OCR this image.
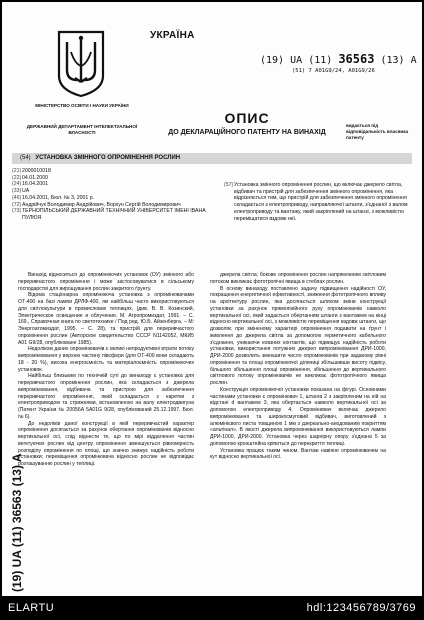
МІНІСТЕРСТВО ОСВІТИ І НАУКИ УКРАЇНИ
ДЕРЖАВНИЙ ДЕПАРТАМЕНТ ІНТЕЛЕКТУАЛЬНОЇ ВЛАСНОСТІ
УКРАЇНА
(19) UA (11) 36563 (13) A
(51) 7 A01G9/24, A01G9/26
ОПИС
ДО ДЕКЛАРАЦІЙНОГО ПАТЕНТУ НА ВИНАХІД
видається під відповідальність власника патенту
(54) УСТАНОВКА ЗМІННОГО ОПРОМІНЕННЯ РОСЛИН
(21) 2000010018
(22) 04.01.2000
(24) 16.04.2001
(33) UA
(46) 16.04.2001, Бюл. № 3, 2001 р.
(72) Андрійчук Володимир Андрійович, Ворхун Сергій Володимирович
(73) ТЕРНОПІЛЬСЬКИЙ ДЕРЖАВНИЙ ТЕХНІЧНИЙ УНІВЕРСИТЕТ ІМЕНІ ІВАНА ПУЛЮЯ
(57) Установка змінного опромінення рослин, що включає джерело світла, відбивач та пристрій для забезпечення змінного опромінення, яка відрізняється тим, що пристрій для забезпечення змінного опромінення складається з електроприводу, направляючої штанги, з'єднаної з валом електроприводу та вантажу, який закріплений на штанзі, з можливістю переміщатися вздовж неї.

Винахід відноситься до опромінюючих установок (ОУ) змінного або переривчастого опромінення і може застосовуватися в сільському господарстві для вирощування рослин закритого ґрунту.

Відома стаціонарна опромінююча установка з опромінювачами ОТ-400 на базі лампи ДРЛФ-400, які найбільш часто використовуються для світлокультури в промислових теплицях, (див. В. В. Козинский, Электрическое освещение и облучение. М. Агропромиздат, 1991. – С. 169., Справочная книга по светотехнике / Под ред. Ю.Б. Айзенберга. – М: Энергоатомиздат, 1995. – С. 28), та пристрій для переривчастого опромінення рослин (Авторское свидетельство СССР N1142052, МКИ5 А01 G9/28, опубліковане 1985).

Недоліком даних опромінювачів є великі непродуктивні втрати потоку випромінювання у верхню частину півсфери (для ОТ-400 вони складають 18 - 20 %), висока енергоємність та матеріалоємність опромінюючих установок.

Найбільш близьким по технічній суті до винаходу є установка для переривчастого опромінення рослин, яка складається з джерела випромінювання, відбивача та пристрою для забезпечення переривчастого опромінення, який складається з каретки з електроприводом та стрижнями, встановленою на валу електродвигуна (Патент України № 20056А 5А01G 9/28, опублікований 25.12.1997. Бюл. № 6).

До недоліків даної конструкції в якій переривчастий характер опромінення досягається за рахунок обертання опромінювачів відносно вертикальної осі, слід віднести те, що по мірі віддалення частин вегетуючих рослин від центру опромінення зменшується рівномірність розподілу опромінення по площі, що значно знижує надійність роботи установки; переміщення опромінювача відносно рослин не відповідає розташуванню рослин у теплиці.

джерела світла; бокове опромінення рослин напрямленим світловим потоком викликає фототропічні явища в стеблах рослин.

В основу винаходу поставлено задачу підвищення надійності ОУ, покращення енергетичної ефективності, зниження фототропічного впливу на архітектуру рослин, яка досягається шляхом зміни конструкції установки за рахунок прямолінійного руху опромінювачів навколо вертикальної осі, який задається обертанням штанги з вантажем на кінці відносно вертикальної осі, з можливістю переміщення вздовж штанги, що дозволяє при зміненому характері опромінення подавати на ґрунт і живлення до джерела світла за допомогою герметичного кабельного з'єднання, уникаючи ковзних контактів, що підвищує надійність роботи установки, використання потужних джерел випромінювання ДРИ-1000, ДРИ-2000 дозволить зменшити число опромінювачів при заданому рівні опромінення та площі опромінюючої діляниці збільшивши висоту підвісу, більшого збільшення площі опромінення, збільшення до вертикального світлового потоку опромінювачів не викликає фототропічного явища рослин.

Конструкція опромінюючої установки показана на фігурі. Основними частинами установки є опромінювач 1, штанга 2 з закріпленим на ній на відстані d вантажем 3, яка обертається навколо вертикальної осі за допомогою електроприводу 4. Опромінювач включає джерело випромінювання та широкосмуговий відбивач, виготовлений з алюмінієвого листа товщиною 1 мм з дзеркально-анодованим покриттям «альтінал». В якості джерела випромінювання використовуються лампи ДРИ-1000, ДРИ-2000. Установка через шарнірну опору з'єднана 5 за допомогою кронштейна кріпиться до перекриття теплиці.

Установка працює таким чином. Вантаж навіяне опромінювачем на кут відносно вертикальної осі.

(19) UA (11) 36563 (13) A
ELARTU	hdl:123456789/3769
